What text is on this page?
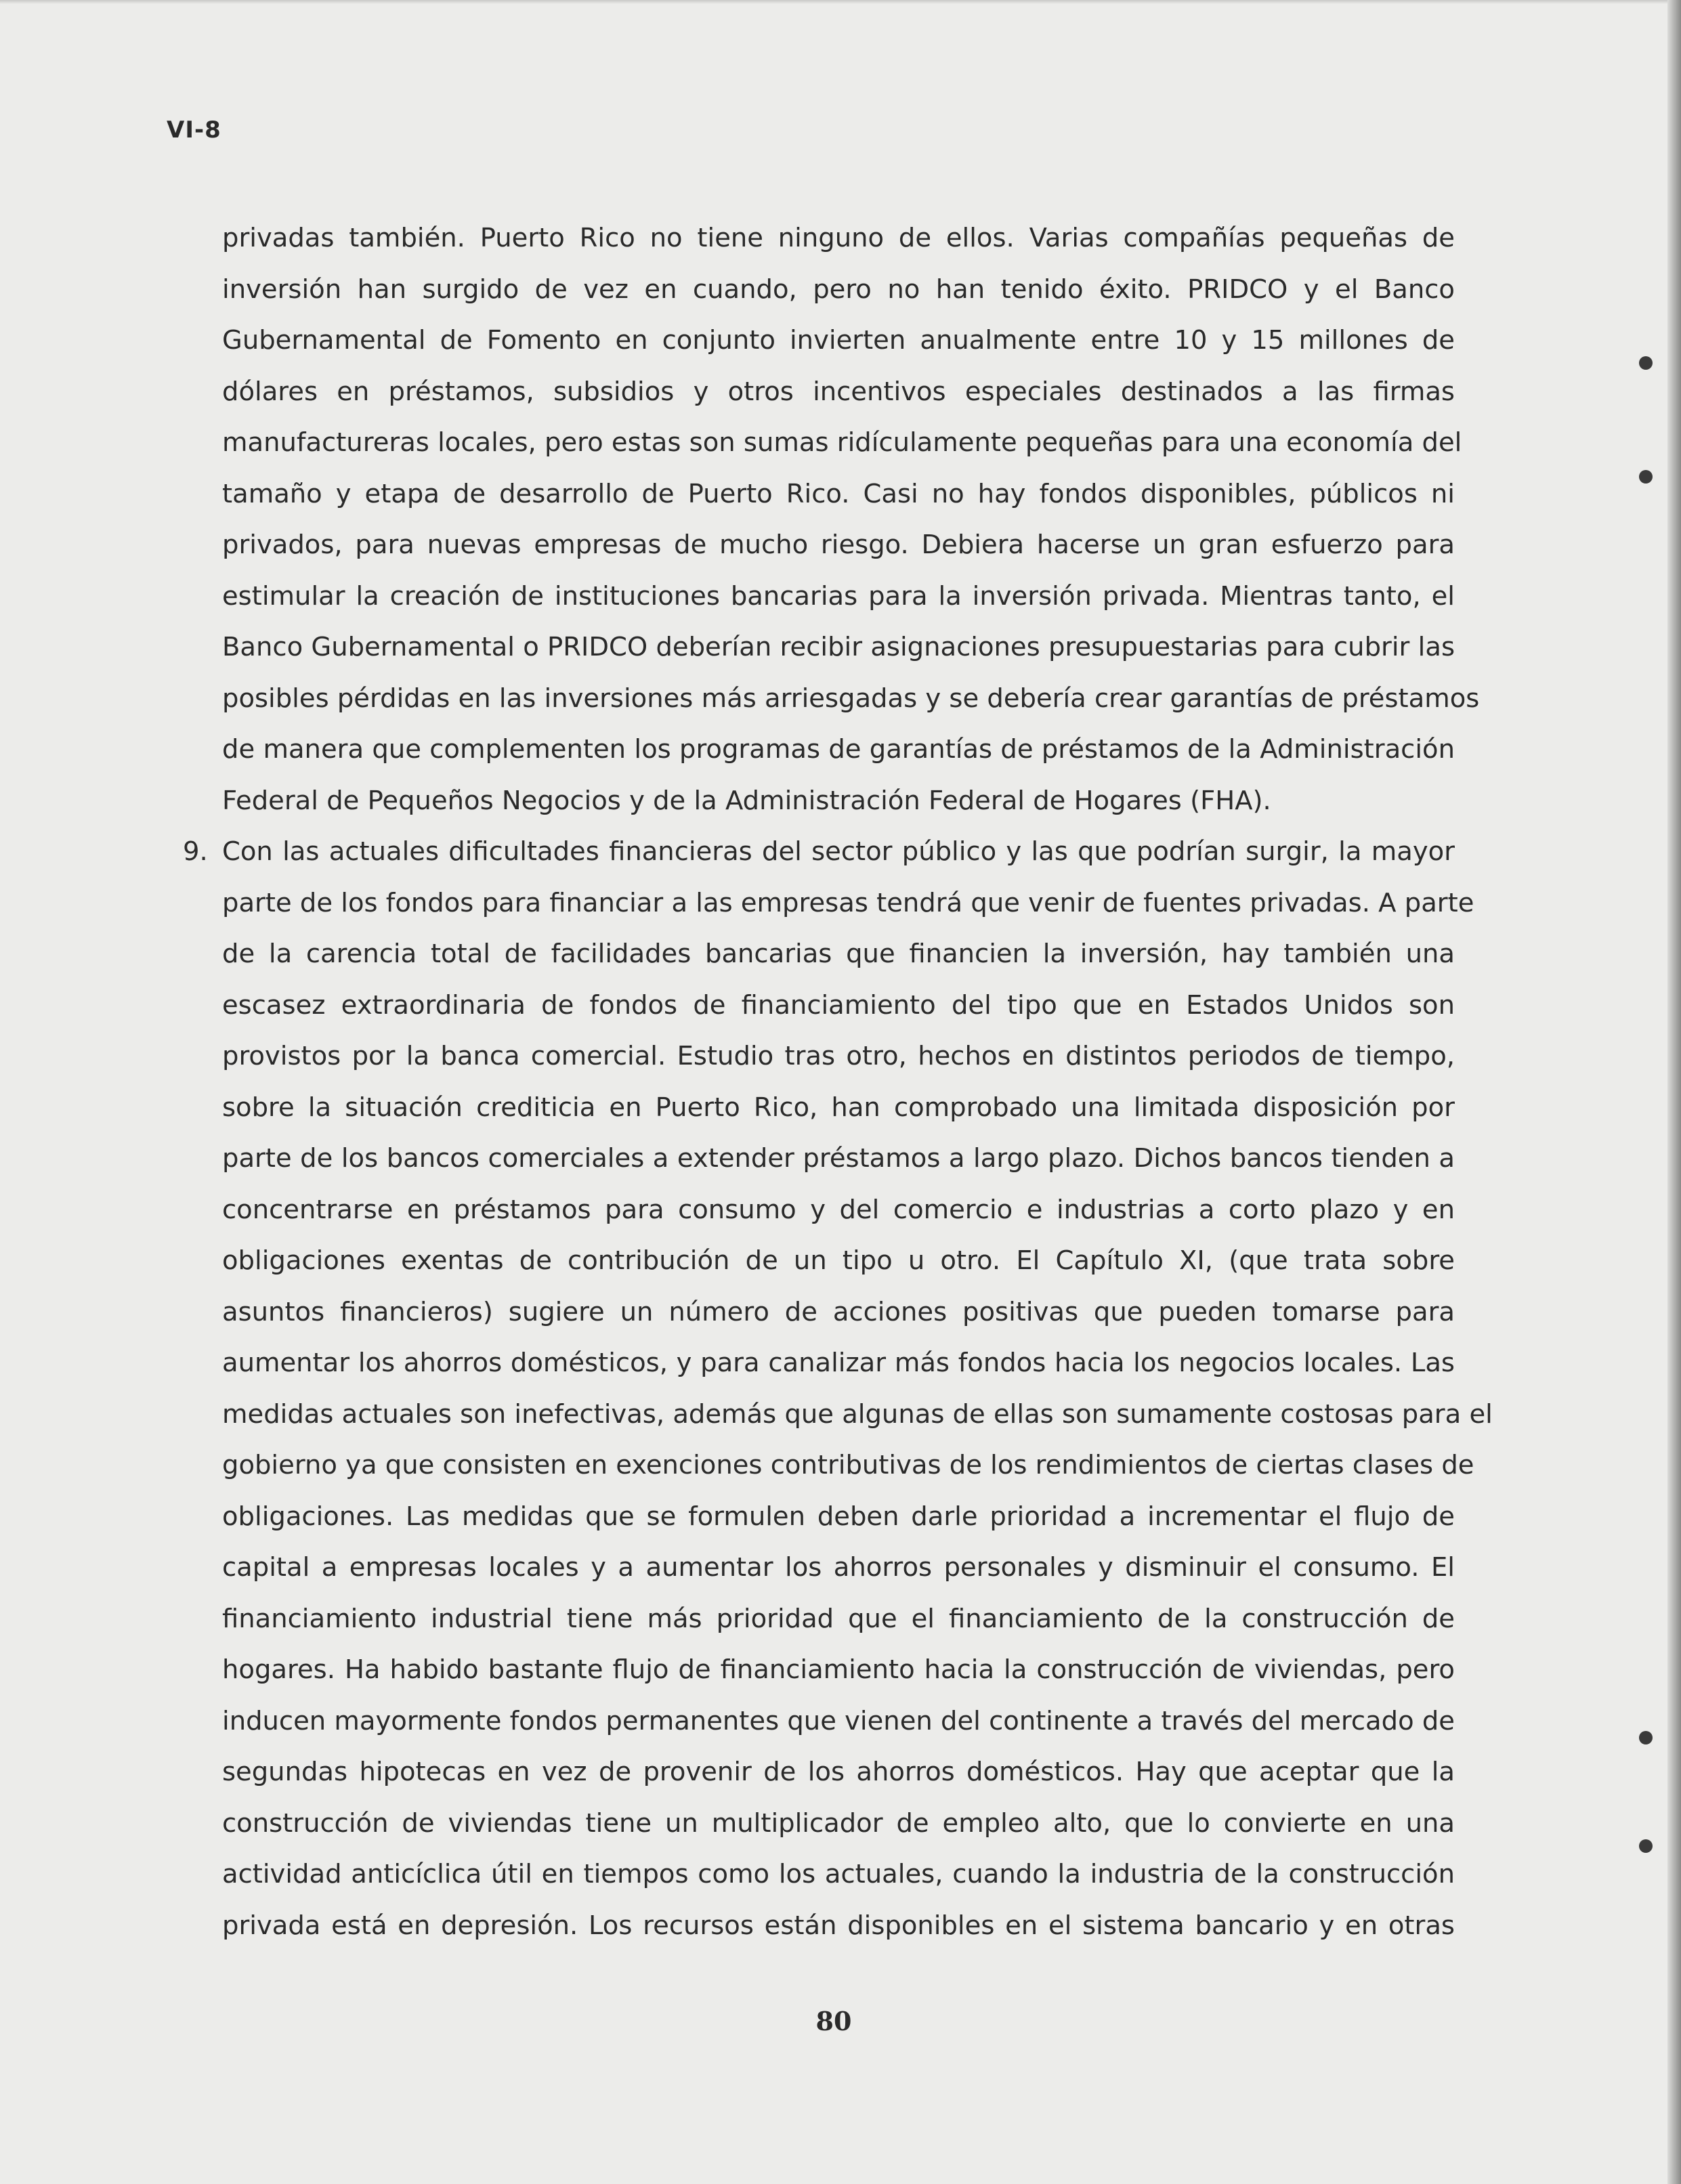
VI-8
privadas también. Puerto Rico no tiene ninguno de ellos. Varias compañías pequeñas de
inversión han surgido de vez en cuando, pero no han tenido éxito. PRIDCO y el Banco
Gubernamental de Fomento en conjunto invierten anualmente entre 10 y 15 millones de
dólares en préstamos, subsidios y otros incentivos especiales destinados a las firmas
manufactureras locales, pero estas son sumas ridículamente pequeñas para una economía del
tamaño y etapa de desarrollo de Puerto Rico. Casi no hay fondos disponibles, públicos ni
privados, para nuevas empresas de mucho riesgo. Debiera hacerse un gran esfuerzo para
estimular la creación de instituciones bancarias para la inversión privada. Mientras tanto, el
Banco Gubernamental o PRIDCO deberían recibir asignaciones presupuestarias para cubrir las
posibles pérdidas en las inversiones más arriesgadas y se debería crear garantías de préstamos
de manera que complementen los programas de garantías de préstamos de la Administración
Federal de Pequeños Negocios y de la Administración Federal de Hogares (FHA).
9. Con las actuales dificultades financieras del sector público y las que podrían surgir, la mayor
parte de los fondos para financiar a las empresas tendrá que venir de fuentes privadas. A parte
de la carencia total de facilidades bancarias que financien la inversión, hay también una
escasez extraordinaria de fondos de financiamiento del tipo que en Estados Unidos son
provistos por la banca comercial. Estudio tras otro, hechos en distintos periodos de tiempo,
sobre la situación crediticia en Puerto Rico, han comprobado una limitada disposición por
parte de los bancos comerciales a extender préstamos a largo plazo. Dichos bancos tienden a
concentrarse en préstamos para consumo y del comercio e industrias a corto plazo y en
obligaciones exentas de contribución de un tipo u otro. El Capítulo XI, (que trata sobre
asuntos financieros) sugiere un número de acciones positivas que pueden tomarse para
aumentar los ahorros domésticos, y para canalizar más fondos hacia los negocios locales. Las
medidas actuales son inefectivas, además que algunas de ellas son sumamente costosas para el
gobierno ya que consisten en exenciones contributivas de los rendimientos de ciertas clases de
obligaciones. Las medidas que se formulen deben darle prioridad a incrementar el flujo de
capital a empresas locales y a aumentar los ahorros personales y disminuir el consumo. El
financiamiento industrial tiene más prioridad que el financiamiento de la construcción de
hogares. Ha habido bastante flujo de financiamiento hacia la construcción de viviendas, pero
inducen mayormente fondos permanentes que vienen del continente a través del mercado de
segundas hipotecas en vez de provenir de los ahorros domésticos. Hay que aceptar que la
construcción de viviendas tiene un multiplicador de empleo alto, que lo convierte en una
actividad anticíclica útil en tiempos como los actuales, cuando la industria de la construcción
privada está en depresión. Los recursos están disponibles en el sistema bancario y en otras
80
